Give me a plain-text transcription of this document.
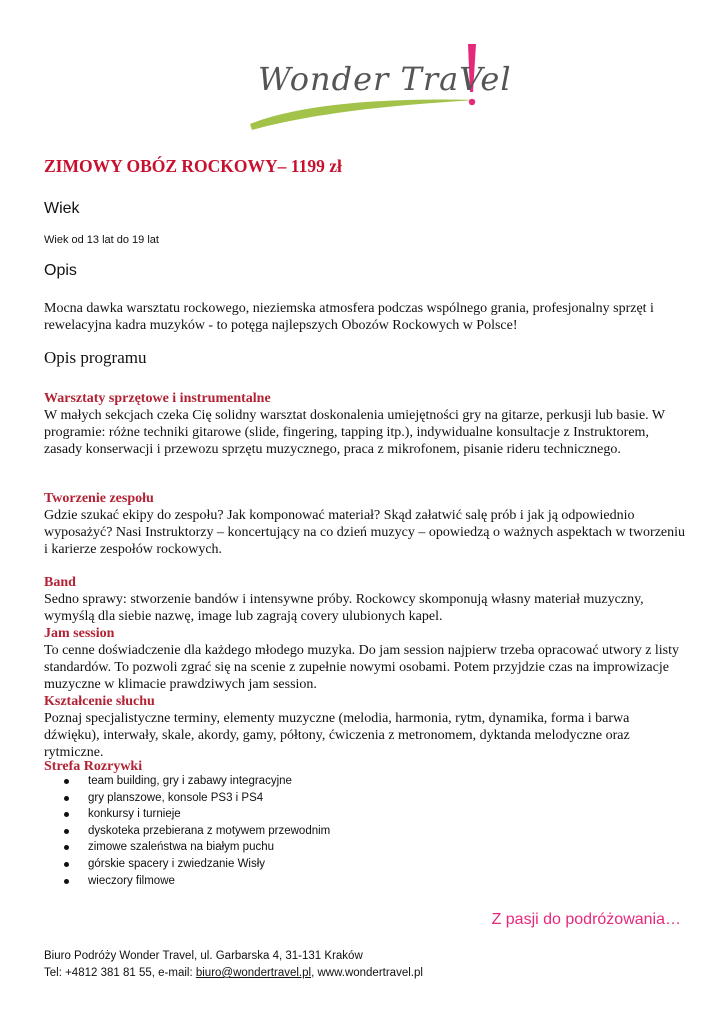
Wonder TraVel
ZIMOWY OBÓZ ROCKOWY– 1199 zł
Wiek

Wiek od 13 lat do 19 lat

Opis

Mocna dawka warsztatu rockowego, nieziemska atmosfera podczas wspólnego grania, profesjonalny sprzęt i rewelacyjna kadra muzyków - to potęga najlepszych Obozów Rockowych w Polsce!

Opis programu
Warsztaty sprzętowe i instrumentalne
W małych sekcjach czeka Cię solidny warsztat doskonalenia umiejętności gry na gitarze, perkusji lub basie. W programie: różne techniki gitarowe (slide, fingering, tapping itp.), indywidualne konsultacje z Instruktorem, zasady konserwacji i przewozu sprzętu muzycznego, praca z mikrofonem, pisanie rideru technicznego.
Tworzenie zespołu
Gdzie szukać ekipy do zespołu? Jak komponować materiał? Skąd załatwić salę prób i jak ją odpowiednio wyposażyć? Nasi Instruktorzy – koncertujący na co dzień muzycy – opowiedzą o ważnych aspektach w tworzeniu i karierze zespołów rockowych.
Band
Sedno sprawy: stworzenie bandów i intensywne próby. Rockowcy skomponują własny materiał muzyczny, wymyślą dla siebie nazwę, image lub zagrają covery ulubionych kapel.
Jam session
To cenne doświadczenie dla każdego młodego muzyka. Do jam session najpierw trzeba opracować utwory z listy standardów. To pozwoli zgrać się na scenie z zupełnie nowymi osobami. Potem przyjdzie czas na improwizacje muzyczne w klimacie prawdziwych jam session.
Kształcenie słuchu
Poznaj specjalistyczne terminy, elementy muzyczne (melodia, harmonia, rytm, dynamika, forma i barwa dźwięku), interwały, skale, akordy, gamy, półtony, ćwiczenia z metronomem, dyktanda melodyczne oraz rytmiczne.
Strefa Rozrywki
team building, gry i zabawy integracyjne
gry planszowe, konsole PS3 i PS4
konkursy i turnieje
dyskoteka przebierana z motywem przewodnim
zimowe szaleństwa na białym puchu
górskie spacery i zwiedzanie Wisły
wieczory filmowe

Z pasji do podróżowania…

Biuro Podróży Wonder Travel, ul. Garbarska 4, 31-131 Kraków
Tel: +4812 381 81 55, e-mail: biuro@wondertravel.pl, www.wondertravel.pl
